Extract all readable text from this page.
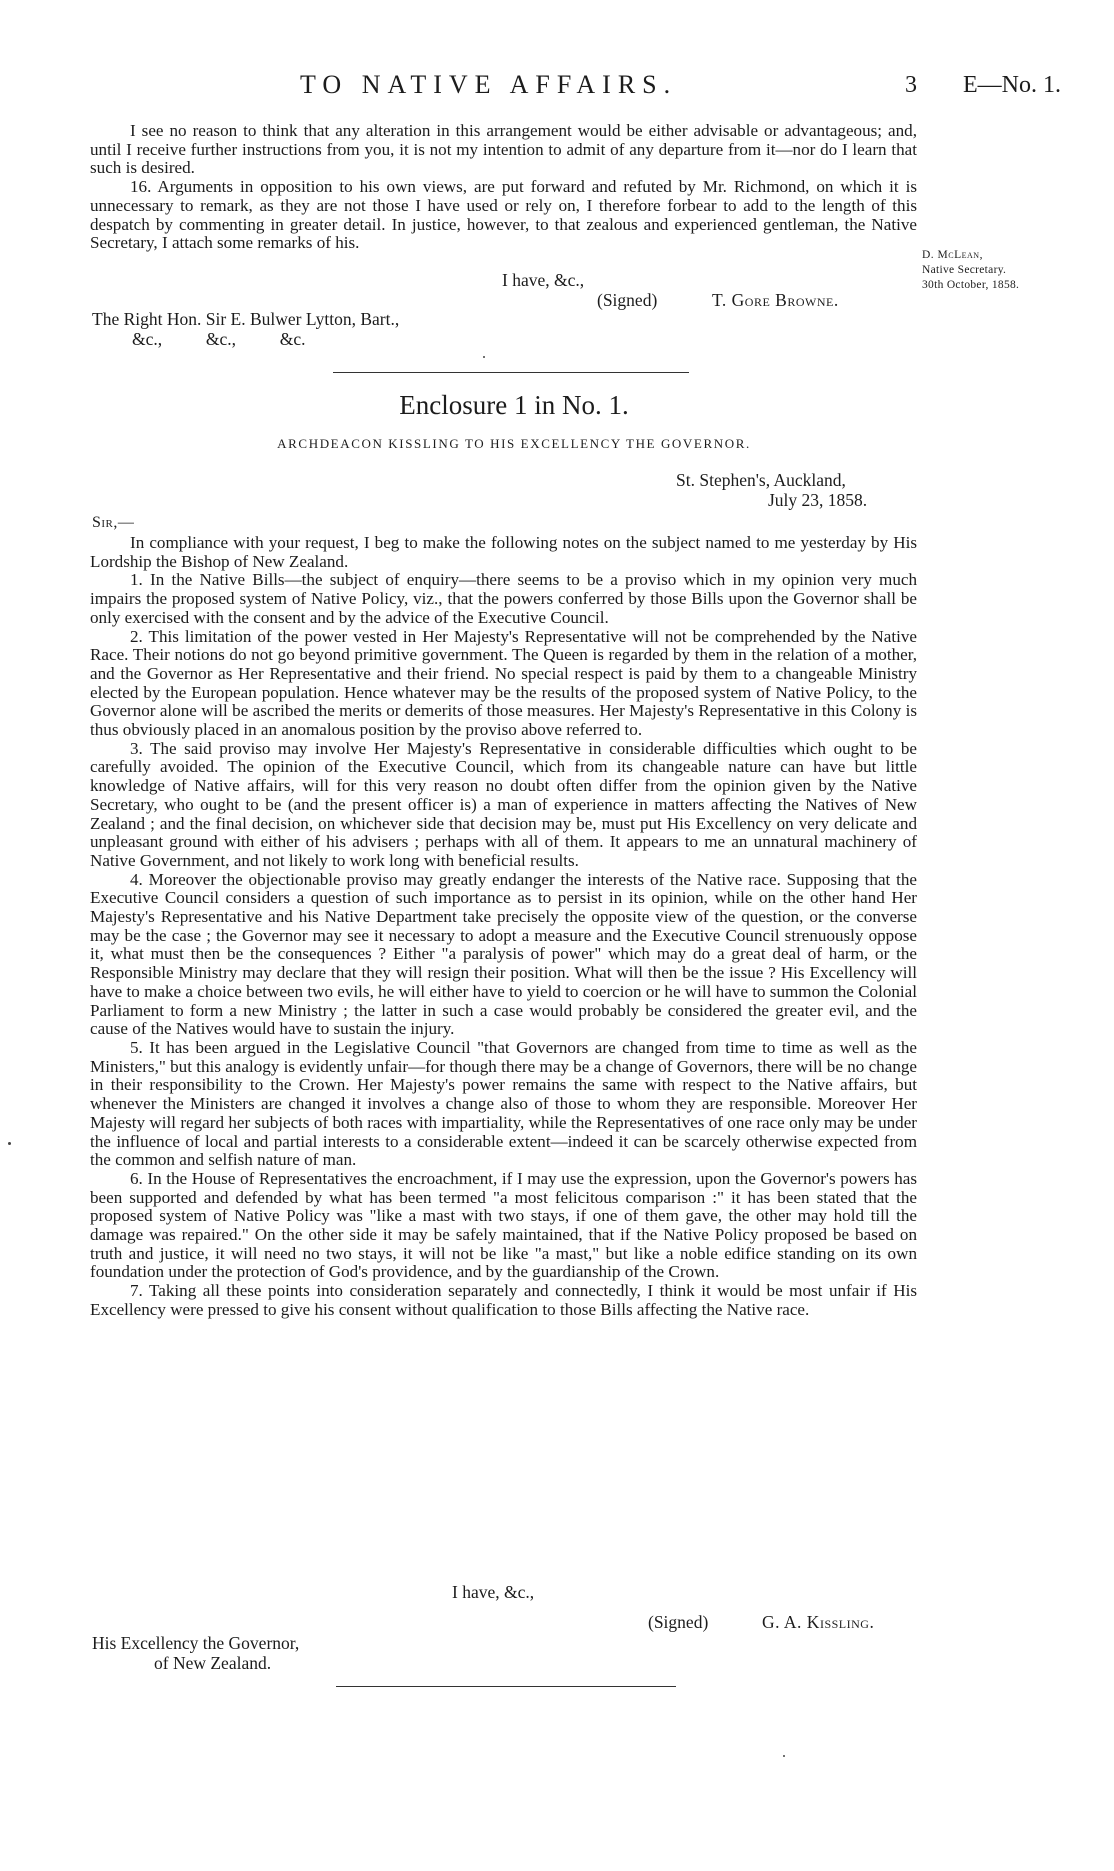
TO NATIVE AFFAIRS.	3 E—No. 1.

I see no reason to think that any alteration in this arrangement would be either advisable or advantageous; and, until I receive further instructions from you, it is not my intention to admit of any departure from it—nor do I learn that such is desired.

16. Arguments in opposition to his own views, are put forward and refuted by Mr. Richmond, on which it is unnecessary to remark, as they are not those I have used or rely on, I therefore forbear to add to the length of this despatch by commenting in greater detail. In justice, however, to that zealous and experienced gentleman, the Native Secretary, I attach some remarks of his.

D. McLean,
Native Secretary.
30th October, 1858.
I have, &c.,
(Signed)	T. Gore Browne.
The Right Hon. Sir E. Bulwer Lytton, Bart.,
&c.,          &c.,          &c.
Enclosure 1 in No. 1.
ARCHDEACON KISSLING TO HIS EXCELLENCY THE GOVERNOR.
St. Stephen's, Auckland,
July 23, 1858.
Sir,—

In compliance with your request, I beg to make the following notes on the subject named to me yesterday by His Lordship the Bishop of New Zealand.

1. In the Native Bills—the subject of enquiry—there seems to be a proviso which in my opinion very much impairs the proposed system of Native Policy, viz., that the powers conferred by those Bills upon the Governor shall be only exercised with the consent and by the advice of the Executive Council.

2. This limitation of the power vested in Her Majesty's Representative will not be comprehended by the Native Race. Their notions do not go beyond primitive government. The Queen is regarded by them in the relation of a mother, and the Governor as Her Representative and their friend. No special respect is paid by them to a changeable Ministry elected by the European population. Hence whatever may be the results of the proposed system of Native Policy, to the Governor alone will be ascribed the merits or demerits of those measures. Her Majesty's Representative in this Colony is thus obviously placed in an anomalous position by the proviso above referred to.

3. The said proviso may involve Her Majesty's Representative in considerable difficulties which ought to be carefully avoided. The opinion of the Executive Council, which from its changeable nature can have but little knowledge of Native affairs, will for this very reason no doubt often differ from the opinion given by the Native Secretary, who ought to be (and the present officer is) a man of experience in matters affecting the Natives of New Zealand ; and the final decision, on whichever side that decision may be, must put His Excellency on very delicate and unpleasant ground with either of his advisers ; perhaps with all of them. It appears to me an unnatural machinery of Native Government, and not likely to work long with beneficial results.

4. Moreover the objectionable proviso may greatly endanger the interests of the Native race. Supposing that the Executive Council considers a question of such importance as to persist in its opinion, while on the other hand Her Majesty's Representative and his Native Department take precisely the opposite view of the question, or the converse may be the case ; the Governor may see it necessary to adopt a measure and the Executive Council strenuously oppose it, what must then be the consequences ? Either "a paralysis of power" which may do a great deal of harm, or the Responsible Ministry may declare that they will resign their position. What will then be the issue ? His Excellency will have to make a choice between two evils, he will either have to yield to coercion or he will have to summon the Colonial Parliament to form a new Ministry ; the latter in such a case would probably be considered the greater evil, and the cause of the Natives would have to sustain the injury.

5. It has been argued in the Legislative Council "that Governors are changed from time to time as well as the Ministers," but this analogy is evidently unfair—for though there may be a change of Governors, there will be no change in their responsibility to the Crown. Her Majesty's power remains the same with respect to the Native affairs, but whenever the Ministers are changed it involves a change also of those to whom they are responsible. Moreover Her Majesty will regard her subjects of both races with impartiality, while the Representatives of one race only may be under the influence of local and partial interests to a considerable extent—indeed it can be scarcely otherwise expected from the common and selfish nature of man.

6. In the House of Representatives the encroachment, if I may use the expression, upon the Governor's powers has been supported and defended by what has been termed "a most felicitous comparison :" it has been stated that the proposed system of Native Policy was "like a mast with two stays, if one of them gave, the other may hold till the damage was repaired." On the other side it may be safely maintained, that if the Native Policy proposed be based on truth and justice, it will need no two stays, it will not be like "a mast," but like a noble edifice standing on its own foundation under the protection of God's providence, and by the guardianship of the Crown.

7. Taking all these points into consideration separately and connectedly, I think it would be most unfair if His Excellency were pressed to give his consent without qualification to those Bills affecting the Native race.

I have, &c.,
(Signed)	G. A. Kissling.
His Excellency the Governor,
of New Zealand.
